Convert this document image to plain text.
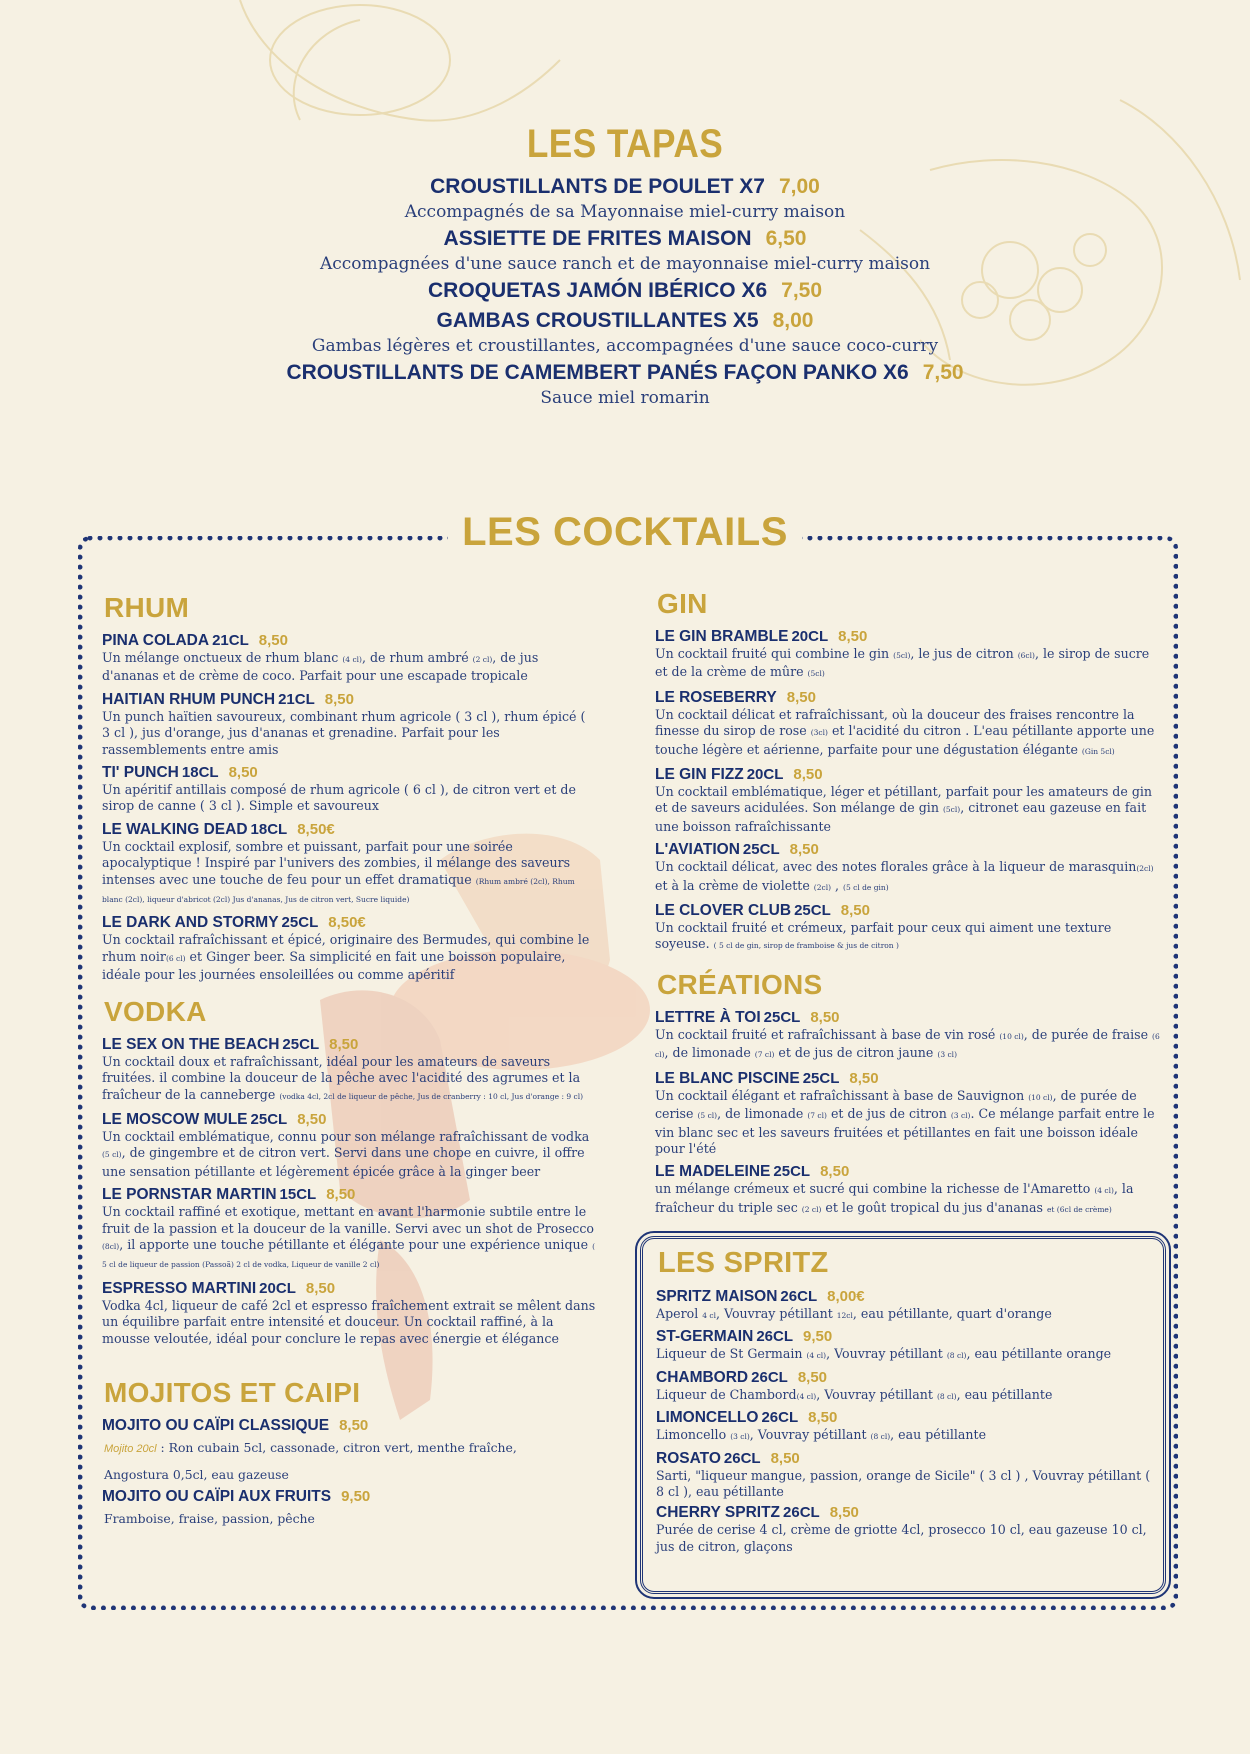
LES TAPAS
CROUSTILLANTS DE POULET X7 7,00
Accompagnés de sa Mayonnaise miel-curry maison
ASSIETTE DE FRITES MAISON 6,50
Accompagnées d'une sauce ranch et de mayonnaise miel-curry maison
CROQUETAS JAMÓN IBÉRICO X6 7,50
GAMBAS CROUSTILLANTES X5 8,00
Gambas légères et croustillantes, accompagnées d'une sauce coco-curry
CROUSTILLANTS DE CAMEMBERT PANÉS FAÇON PANKO X6 7,50
Sauce miel romarin
LES COCKTAILS
RHUM
PINA COLADA 21CL 8,50
Un mélange onctueux de rhum blanc (4 cl), de rhum ambré (2 cl), de jus d'ananas et de crème de coco. Parfait pour une escapade tropicale
HAITIAN RHUM PUNCH 21CL 8,50
Un punch haïtien savoureux, combinant rhum agricole ( 3 cl ), rhum épicé ( 3 cl ), jus d'orange, jus d'ananas et grenadine. Parfait pour les rassemblements entre amis
TI' PUNCH 18CL 8,50
Un apéritif antillais composé de rhum agricole ( 6 cl ), de citron vert et de sirop de canne ( 3 cl ). Simple et savoureux
LE WALKING DEAD 18CL 8,50€
Un cocktail explosif, sombre et puissant, parfait pour une soirée apocalyptique ! Inspiré par l'univers des zombies, il mélange des saveurs intenses avec une touche de feu pour un effet dramatique (Rhum ambré (2cl), Rhum blanc (2cl), liqueur d'abricot (2cl) Jus d'ananas, Jus de citron vert, Sucre liquide)
LE DARK AND STORMY 25CL 8,50€
Un cocktail rafraîchissant et épicé, originaire des Bermudes, qui combine le rhum noir(6 cl) et Ginger beer. Sa simplicité en fait une boisson populaire, idéale pour les journées ensoleillées ou comme apéritif
VODKA
LE SEX ON THE BEACH 25CL 8,50
Un cocktail doux et rafraîchissant, idéal pour les amateurs de saveurs fruitées. il combine la douceur de la pêche avec l'acidité des agrumes et la fraîcheur de la canneberge (vodka 4cl, 2cl de liqueur de pêche, Jus de cranberry : 10 cl, Jus d'orange : 9 cl)
LE MOSCOW MULE 25CL 8,50
Un cocktail emblématique, connu pour son mélange rafraîchissant de vodka (5 cl), de gingembre et de citron vert. Servi dans une chope en cuivre, il offre une sensation pétillante et légèrement épicée grâce à la ginger beer
LE PORNSTAR MARTIN 15CL 8,50
Un cocktail raffiné et exotique, mettant en avant l'harmonie subtile entre le fruit de la passion et la douceur de la vanille. Servi avec un shot de Prosecco (8cl), il apporte une touche pétillante et élégante pour une expérience unique ( 5 cl de liqueur de passion (Passoã) 2 cl de vodka, Liqueur de vanille 2 cl)
ESPRESSO MARTINI 20CL 8,50
Vodka 4cl, liqueur de café 2cl et espresso fraîchement extrait se mêlent dans un équilibre parfait entre intensité et douceur. Un cocktail raffiné, à la mousse veloutée, idéal pour conclure le repas avec énergie et élégance
MOJITOS ET CAIPI
MOJITO OU CAÏPI CLASSIQUE 8,50
Mojito 20cl : Ron cubain 5cl, cassonade, citron vert, menthe fraîche,
Angostura 0,5cl, eau gazeuse
MOJITO OU CAÏPI AUX FRUITS 9,50
Framboise, fraise, passion, pêche
GIN
LE GIN BRAMBLE 20CL 8,50
Un cocktail fruité qui combine le gin (5cl), le jus de citron (6cl), le sirop de sucre et de la crème de mûre (5cl)
LE ROSEBERRY 8,50
Un cocktail délicat et rafraîchissant, où la douceur des fraises rencontre la finesse du sirop de rose (3cl) et l'acidité du citron . L'eau pétillante apporte une touche légère et aérienne, parfaite pour une dégustation élégante (Gin 5cl)
LE GIN FIZZ 20CL 8,50
Un cocktail emblématique, léger et pétillant, parfait pour les amateurs de gin et de saveurs acidulées. Son mélange de gin (5cl), citronet eau gazeuse en fait une boisson rafraîchissante
L'AVIATION 25CL 8,50
Un cocktail délicat, avec des notes florales grâce à la liqueur de marasquin(2cl) et à la crème de violette (2cl) , (5 cl de gin)
LE CLOVER CLUB 25CL 8,50
Un cocktail fruité et crémeux, parfait pour ceux qui aiment une texture soyeuse. ( 5 cl de gin, sirop de framboise & jus de citron )
CRÉATIONS
LETTRE À TOI 25CL 8,50
Un cocktail fruité et rafraîchissant à base de vin rosé (10 cl), de purée de fraise (6 cl), de limonade (7 cl) et de jus de citron jaune (3 cl)
LE BLANC PISCINE 25CL 8,50
Un cocktail élégant et rafraîchissant à base de Sauvignon (10 cl), de purée de cerise (5 cl), de limonade (7 cl) et de jus de citron (3 cl). Ce mélange parfait entre le vin blanc sec et les saveurs fruitées et pétillantes en fait une boisson idéale pour l'été
LE MADELEINE 25CL 8,50
un mélange crémeux et sucré qui combine la richesse de l'Amaretto (4 cl), la fraîcheur du triple sec (2 cl) et le goût tropical du jus d'ananas et (6cl de crème)
LES SPRITZ
SPRITZ MAISON 26CL 8,00€
Aperol 4 cl, Vouvray pétillant 12cl, eau pétillante, quart d'orange
ST-GERMAIN 26CL 9,50
Liqueur de St Germain (4 cl), Vouvray pétillant (8 cl), eau pétillante orange
CHAMBORD 26CL 8,50
Liqueur de Chambord(4 cl), Vouvray pétillant (8 cl), eau pétillante
LIMONCELLO 26CL 8,50
Limoncello (3 cl), Vouvray pétillant (8 cl), eau pétillante
ROSATO 26CL 8,50
Sarti, "liqueur mangue, passion, orange de Sicile" ( 3 cl ) , Vouvray pétillant ( 8 cl ), eau pétillante
CHERRY SPRITZ 26CL 8,50
Purée de cerise 4 cl, crème de griotte 4cl, prosecco 10 cl, eau gazeuse 10 cl, jus de citron, glaçons
